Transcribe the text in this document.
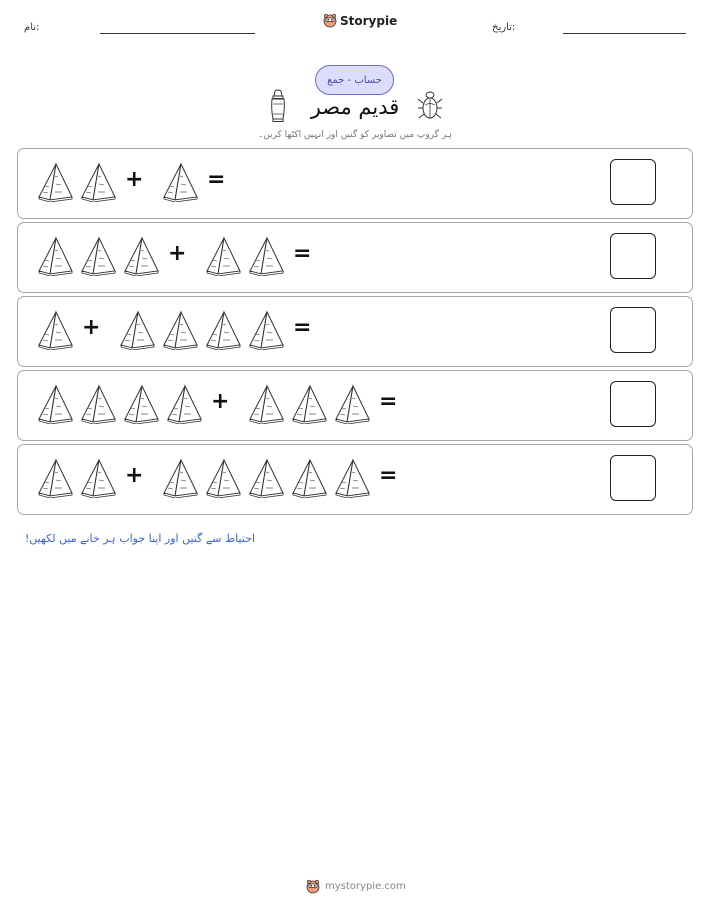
نام:	Storypie	تاریخ:
حساب - جمع
قدیم مصر
ہر گروپ میں تصاویر کو گنیں اور انہیں اکٹھا کریں۔
+	=
+	=
+	=
+	=
+	=
احتیاط سے گنیں اور اپنا جواب ہر خانے میں لکھیں!
mystorypie.com
